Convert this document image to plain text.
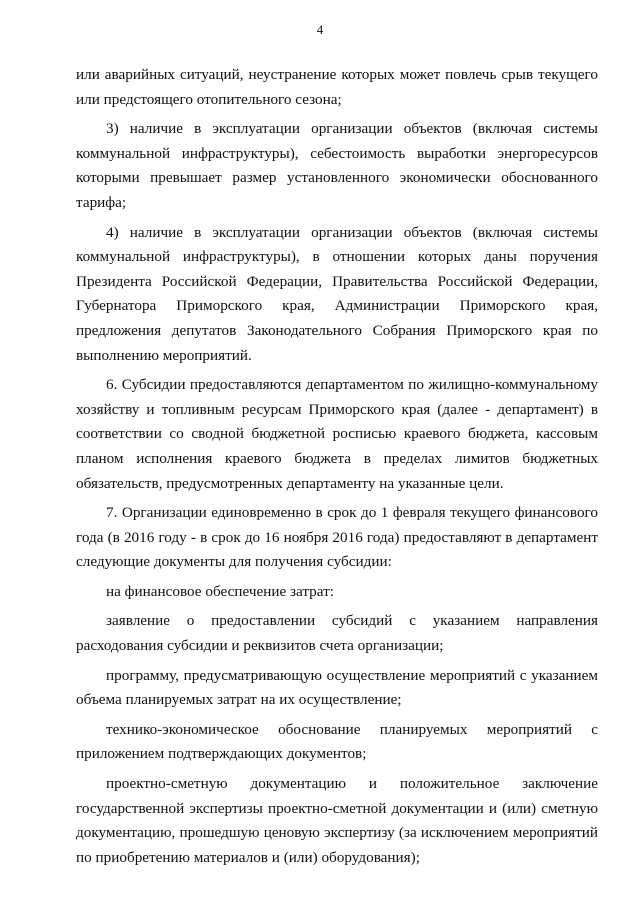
4

или аварийных ситуаций, неустранение которых может повлечь срыв текущего или предстоящего отопительного сезона;

3) наличие в эксплуатации организации объектов (включая системы коммунальной инфраструктуры), себестоимость выработки энергоресурсов которыми превышает размер установленного экономически обоснованного тарифа;

4) наличие в эксплуатации организации объектов (включая системы коммунальной инфраструктуры), в отношении которых даны поручения Президента Российской Федерации, Правительства Российской Федерации, Губернатора Приморского края, Администрации Приморского края, предложения депутатов Законодательного Собрания Приморского края по выполнению мероприятий.

6. Субсидии предоставляются департаментом по жилищно-коммунальному хозяйству и топливным ресурсам Приморского края (далее - департамент) в соответствии со сводной бюджетной росписью краевого бюджета, кассовым планом исполнения краевого бюджета в пределах лимитов бюджетных обязательств, предусмотренных департаменту на указанные цели.

7. Организации единовременно в срок до 1 февраля текущего финансового года (в 2016 году - в срок до 16 ноября 2016 года) предоставляют в департамент следующие документы для получения субсидии:

на финансовое обеспечение затрат:

заявление о предоставлении субсидий с указанием направления расходования субсидии и реквизитов счета организации;

программу, предусматривающую осуществление мероприятий с указанием объема планируемых затрат на их осуществление;

технико-экономическое обоснование планируемых мероприятий с приложением подтверждающих документов;

проектно-сметную документацию и положительное заключение государственной экспертизы проектно-сметной документации и (или) сметную документацию, прошедшую ценовую экспертизу (за исключением мероприятий по приобретению материалов и (или) оборудования);
